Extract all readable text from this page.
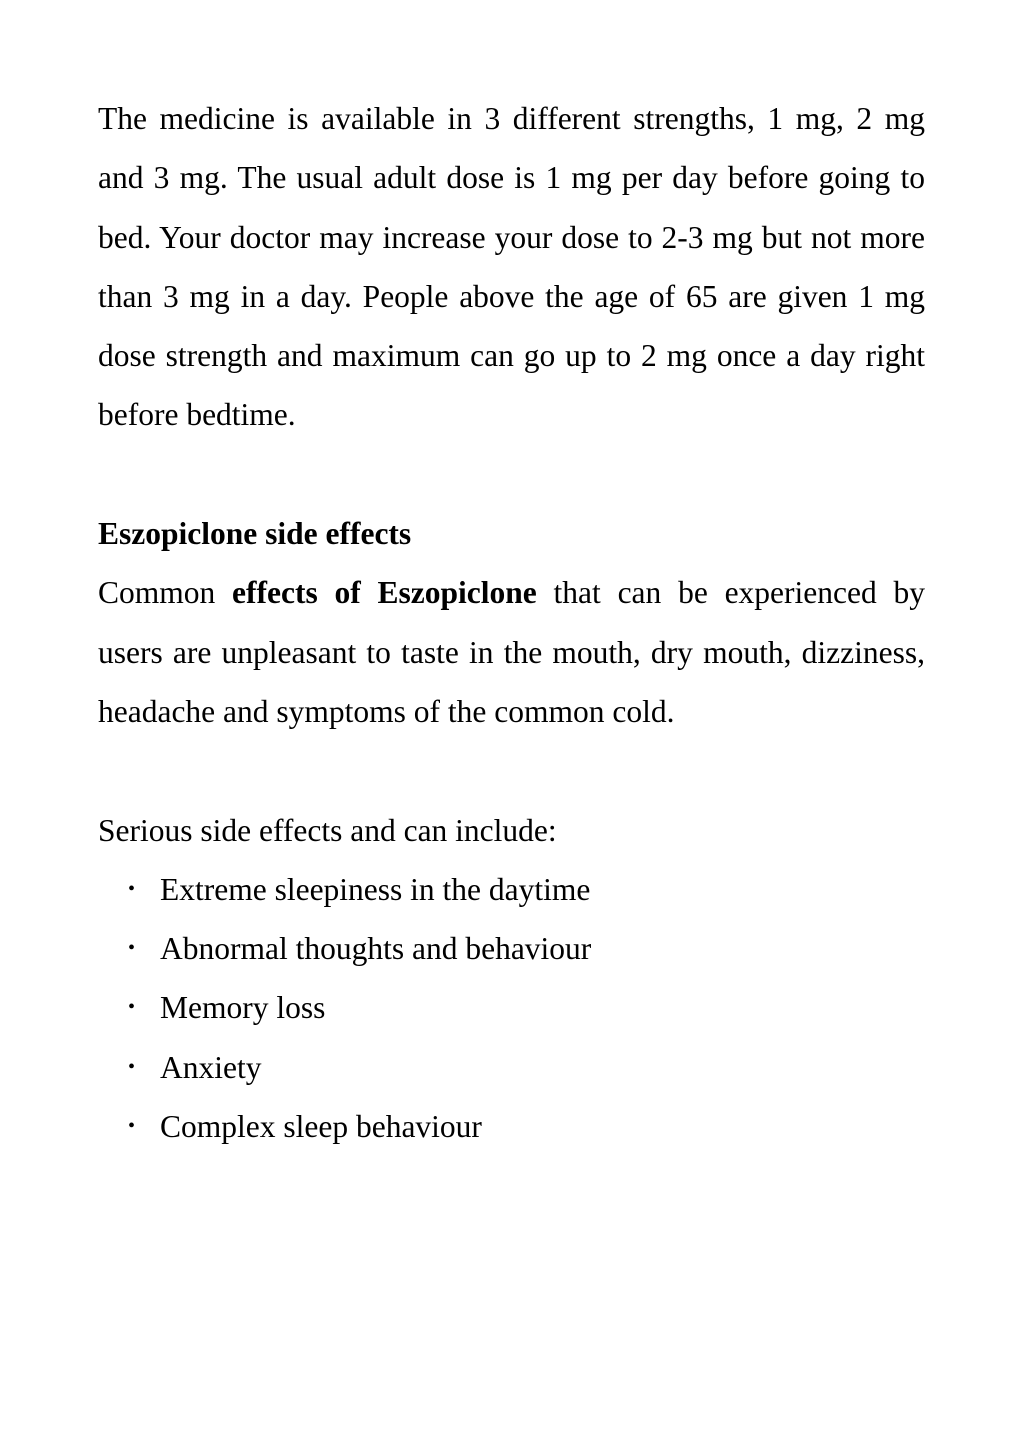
The medicine is available in 3 different strengths, 1 mg, 2 mg and 3 mg. The usual adult dose is 1 mg per day before going to bed. Your doctor may increase your dose to 2-3 mg but not more than 3 mg in a day. People above the age of 65 are given 1 mg dose strength and maximum can go up to 2 mg once a day right before bedtime.

Eszopiclone side effects

Common effects of Eszopiclone that can be experienced by users are unpleasant to taste in the mouth, dry mouth, dizziness, headache and symptoms of the common cold.

Serious side effects and can include:

• Extreme sleepiness in the daytime
• Abnormal thoughts and behaviour
• Memory loss
• Anxiety
• Complex sleep behaviour
